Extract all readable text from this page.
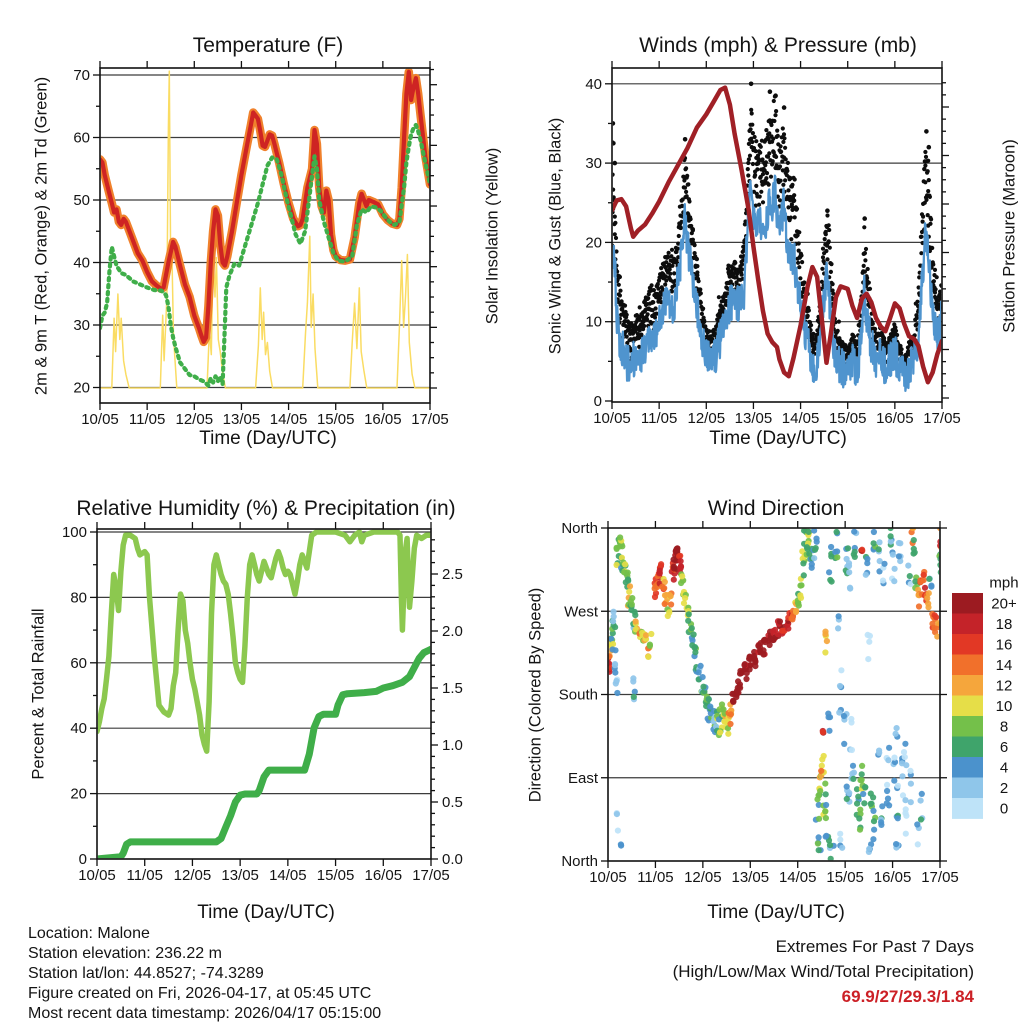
10/05 11/05 12/05 13/05 14/05 15/05 16/05 17/05
20
30
40
50
60
70
10/05 11/05 12/05 13/05 14/05 15/05 16/05 17/05
0
10
20
30
40
10/05 11/05 12/05 13/05 14/05 15/05 16/05 17/05
0
20
40
60
80
100
0.0
0.5
1.0
1.5
2.0
2.5
10/05 11/05 12/05 13/05 14/05 15/05 16/05 17/05
North
West
South
East
North
20+
18
16
14
12
10
8
6
4
2
0
Temperature (F)	Winds (mph) & Pressure (mb)
Relative Humidity (%) & Precipitation (in)	Wind Direction
2m & 9m T (Red, Orange) & 2m Td (Green)	Solar Insolation (Yellow)	Sonic Wind & Gust (Blue, Black)	Station Pressure (Maroon)
Percent & Total Rainfall	Direction (Colored By Speed)
Time (Day/UTC)	Time (Day/UTC)
Time (Day/UTC)	Time (Day/UTC)
mph
Location: Malone
Station elevation: 236.22 m
Station lat/lon: 44.8527; -74.3289
Figure created on Fri, 2026-04-17, at 05:45 UTC
Most recent data timestamp: 2026/04/17 05:15:00
Extremes For Past 7 Days
(High/Low/Max Wind/Total Precipitation)
69.9/27/29.3/1.84
